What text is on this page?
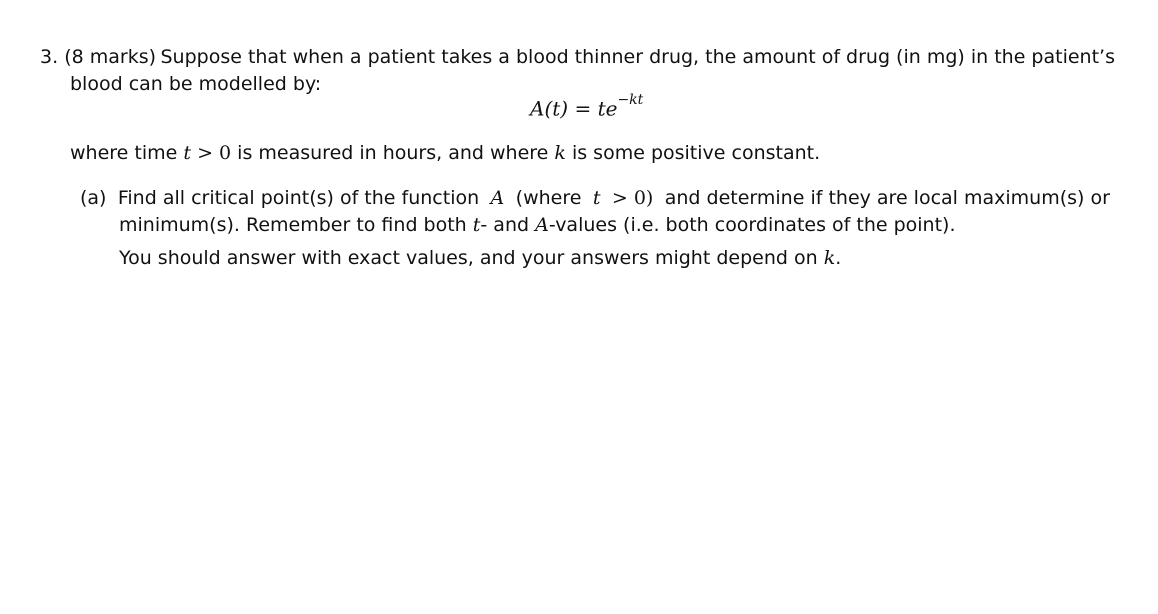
3. (8 marks) Suppose that when a patient takes a blood thinner drug, the amount of drug (in mg) in the patient’s
blood can be modelled by:
$A(t) = te^{-kt}$
where time t > 0 is measured in hours, and where k is some positive constant.
(a) Find all critical point(s) of the function A (where t > 0) and determine if they are local maximum(s) or
minimum(s). Remember to find both t- and A-values (i.e. both coordinates of the point).
You should answer with exact values, and your answers might depend on k.
